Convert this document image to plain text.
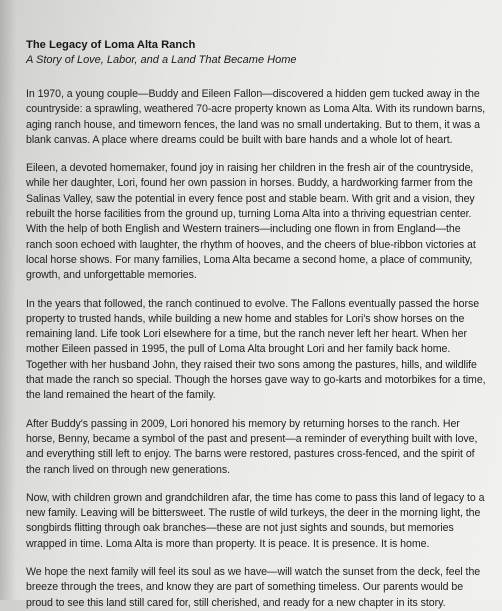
The Legacy of Loma Alta Ranch
A Story of Love, Labor, and a Land That Became Home

In 1970, a young couple—Buddy and Eileen Fallon—discovered a hidden gem tucked away in the countryside: a sprawling, weathered 70-acre property known as Loma Alta. With its rundown barns, aging ranch house, and timeworn fences, the land was no small undertaking. But to them, it was a blank canvas. A place where dreams could be built with bare hands and a whole lot of heart.

Eileen, a devoted homemaker, found joy in raising her children in the fresh air of the countryside, while her daughter, Lori, found her own passion in horses. Buddy, a hardworking farmer from the Salinas Valley, saw the potential in every fence post and stable beam. With grit and a vision, they rebuilt the horse facilities from the ground up, turning Loma Alta into a thriving equestrian center. With the help of both English and Western trainers—including one flown in from England—the ranch soon echoed with laughter, the rhythm of hooves, and the cheers of blue-ribbon victories at local horse shows. For many families, Loma Alta became a second home, a place of community, growth, and unforgettable memories.

In the years that followed, the ranch continued to evolve. The Fallons eventually passed the horse property to trusted hands, while building a new home and stables for Lori's show horses on the remaining land. Life took Lori elsewhere for a time, but the ranch never left her heart. When her mother Eileen passed in 1995, the pull of Loma Alta brought Lori and her family back home. Together with her husband John, they raised their two sons among the pastures, hills, and wildlife that made the ranch so special. Though the horses gave way to go-karts and motorbikes for a time, the land remained the heart of the family.

After Buddy's passing in 2009, Lori honored his memory by returning horses to the ranch. Her horse, Benny, became a symbol of the past and present—a reminder of everything built with love, and everything still left to enjoy. The barns were restored, pastures cross-fenced, and the spirit of the ranch lived on through new generations.

Now, with children grown and grandchildren afar, the time has come to pass this land of legacy to a new family. Leaving will be bittersweet. The rustle of wild turkeys, the deer in the morning light, the songbirds flitting through oak branches—these are not just sights and sounds, but memories wrapped in time. Loma Alta is more than property. It is peace. It is presence. It is home.

We hope the next family will feel its soul as we have—will watch the sunset from the deck, feel the breeze through the trees, and know they are part of something timeless. Our parents would be proud to see this land still cared for, still cherished, and ready for a new chapter in its story.
